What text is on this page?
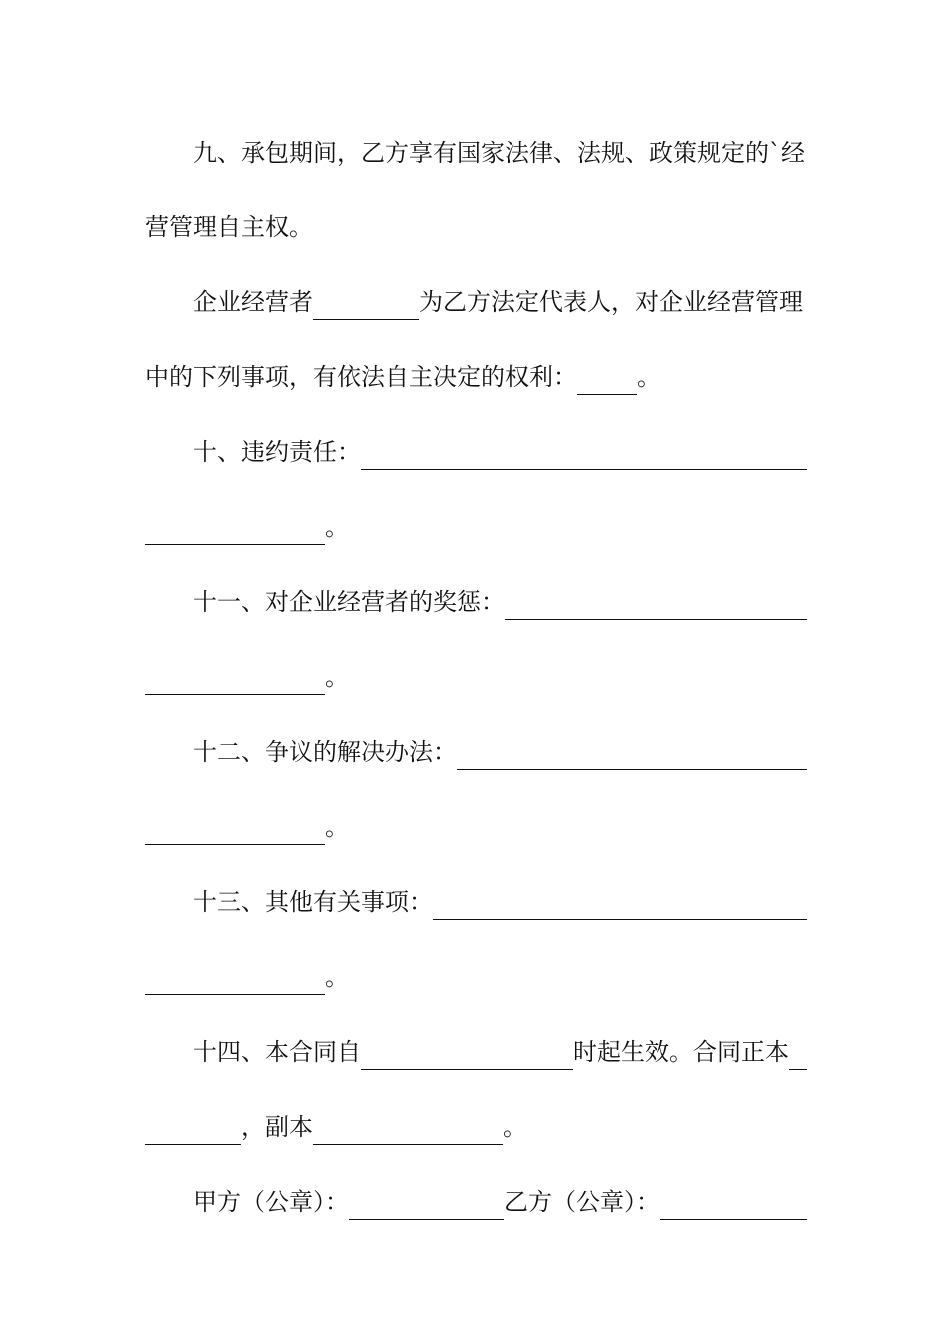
九、承包期间，乙方享有国家法律、法规、政策规定的`经
营管理自主权。
企业经营者	为乙方法定代表人，对企业经营管理
中的下列事项，有依法自主决定的权利：	。
十、违约责任：
。
十一、对企业经营者的奖惩：
。
十二、争议的解决办法：
。
十三、其他有关事项：
。
十四、本合同自	时起生效。合同正本
，副本	。
甲方（公章）：	乙方（公章）：
